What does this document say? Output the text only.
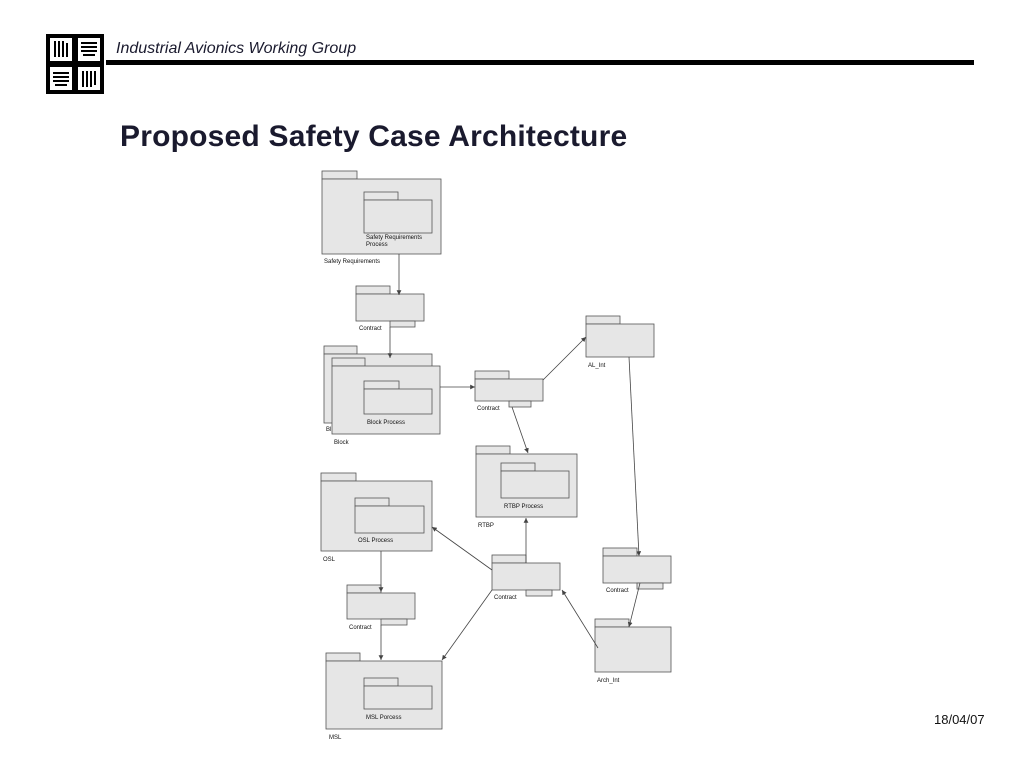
Industrial Avionics Working Group
Proposed Safety Case Architecture
18/04/07
Safety Requirements
Process
Safety Requirements
Contract
Bl
Block Process
Block
Contract
AL_Int
RTBP Process
RTBP
OSL Process
OSL
Contract
Contract
Contract
Arch_Int
MSL Porcess
MSL
